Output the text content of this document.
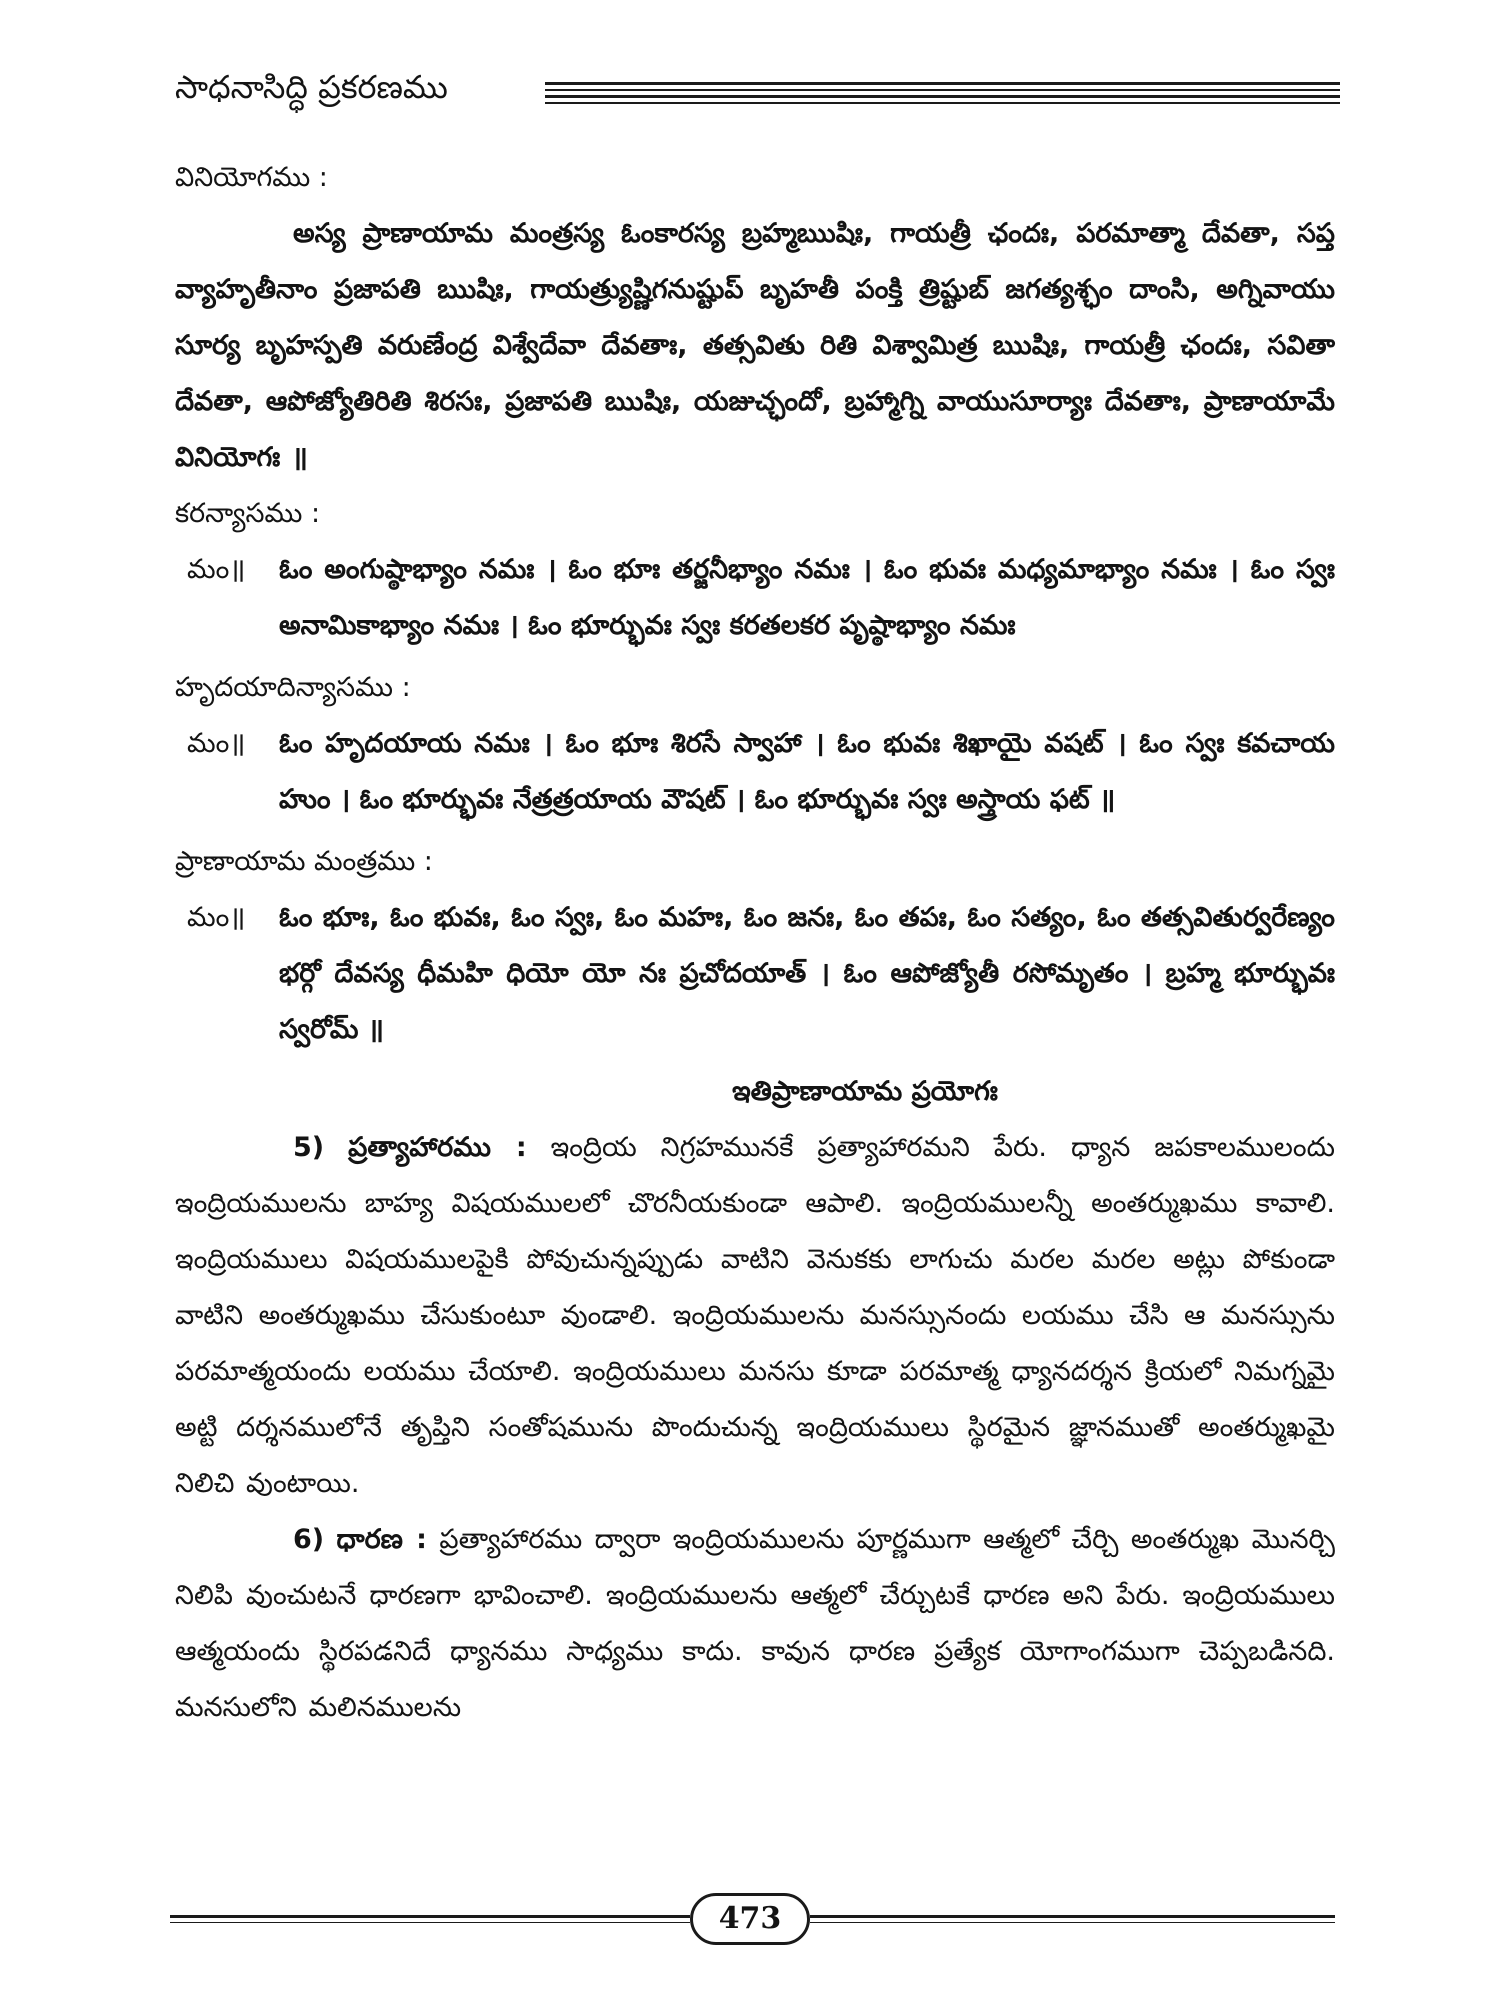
సాధనాసిద్ధి ప్రకరణము

వినియోగము :

అస్య ప్రాణాయామ మంత్రస్య ఓంకారస్య బ్రహ్మఋషిః, గాయత్రీ ఛందః, పరమాత్మా దేవతా, సప్త వ్యాహృతీనాం ప్రజాపతి ఋషిః, గాయత్ర్యుష్ణిగనుష్టుప్ బృహతీ పంక్తి త్రిష్టుబ్ జగత్యశ్ఛం దాంసి, అగ్నివాయు సూర్య బృహస్పతి వరుణేంద్ర విశ్వేదేవా దేవతాః, తత్సవితు రితి విశ్వామిత్ర ఋషిః, గాయత్రీ ఛందః, సవితా దేవతా, ఆపోజ్యోతిరితి శిరసః, ప్రజాపతి ఋషిః, యజుచ్ఛందో, బ్రహ్మాగ్ని వాయుసూర్యాః దేవతాః, ప్రాణాయామే వినియోగః ॥

కరన్యాసము :

మం॥	ఓం అంగుష్ఠాభ్యాం నమః । ఓం భూః తర్జనీభ్యాం నమః । ఓం భువః మధ్యమాభ్యాం నమః । ఓం స్వః అనామికాభ్యాం నమః । ఓం భూర్భువః స్వః కరతలకర పృష్ఠాభ్యాం నమః

హృదయాదిన్యాసము :

మం॥	ఓం హృదయాయ నమః । ఓం భూః శిరసే స్వాహా । ఓం భువః శిఖాయై వషట్ । ఓం స్వః కవచాయ హుం । ఓం భూర్భువః నేత్రత్రయాయ వౌషట్ । ఓం భూర్భువః స్వః అస్త్రాయ ఫట్ ॥

ప్రాణాయామ మంత్రము :

మం॥	ఓం భూః, ఓం భువః, ఓం స్వః, ఓం మహః, ఓం జనః, ఓం తపః, ఓం సత్యం, ఓం తత్సవితుర్వరేణ్యం భర్గో దేవస్య ధీమహి ధియో యో నః ప్రచోదయాత్ । ఓం ఆపోజ్యోతీ రసోమృతం । బ్రహ్మ భూర్భువః స్వరోమ్ ॥

ఇతిప్రాణాయామ ప్రయోగః

5) ప్రత్యాహారము : ఇంద్రియ నిగ్రహమునకే ప్రత్యాహారమని పేరు. ధ్యాన జపకాలములందు ఇంద్రియములను బాహ్య విషయములలో చొరనీయకుండా ఆపాలి. ఇంద్రియములన్నీ అంతర్ముఖము కావాలి. ఇంద్రియములు విషయములపైకి పోవుచున్నప్పుడు వాటిని వెనుకకు లాగుచు మరల మరల అట్లు పోకుండా వాటిని అంతర్ముఖము చేసుకుంటూ వుండాలి. ఇంద్రియములను మనస్సునందు లయము చేసి ఆ మనస్సును పరమాత్మయందు లయము చేయాలి. ఇంద్రియములు మనసు కూడా పరమాత్మ ధ్యానదర్శన క్రియలో నిమగ్నమై అట్టి దర్శనములోనే తృప్తిని సంతోషమును పొందుచున్న ఇంద్రియములు స్థిరమైన జ్ఞానముతో అంతర్ముఖమై నిలిచి వుంటాయి.

6) ధారణ : ప్రత్యాహారము ద్వారా ఇంద్రియములను పూర్ణముగా ఆత్మలో చేర్చి అంతర్ముఖ మొనర్చి నిలిపి వుంచుటనే ధారణగా భావించాలి. ఇంద్రియములను ఆత్మలో చేర్చుటకే ధారణ అని పేరు. ఇంద్రియములు ఆత్మయందు స్థిరపడనిదే ధ్యానము సాధ్యము కాదు. కావున ధారణ ప్రత్యేక యోగాంగముగా చెప్పబడినది. మనసులోని మలినములను

473
